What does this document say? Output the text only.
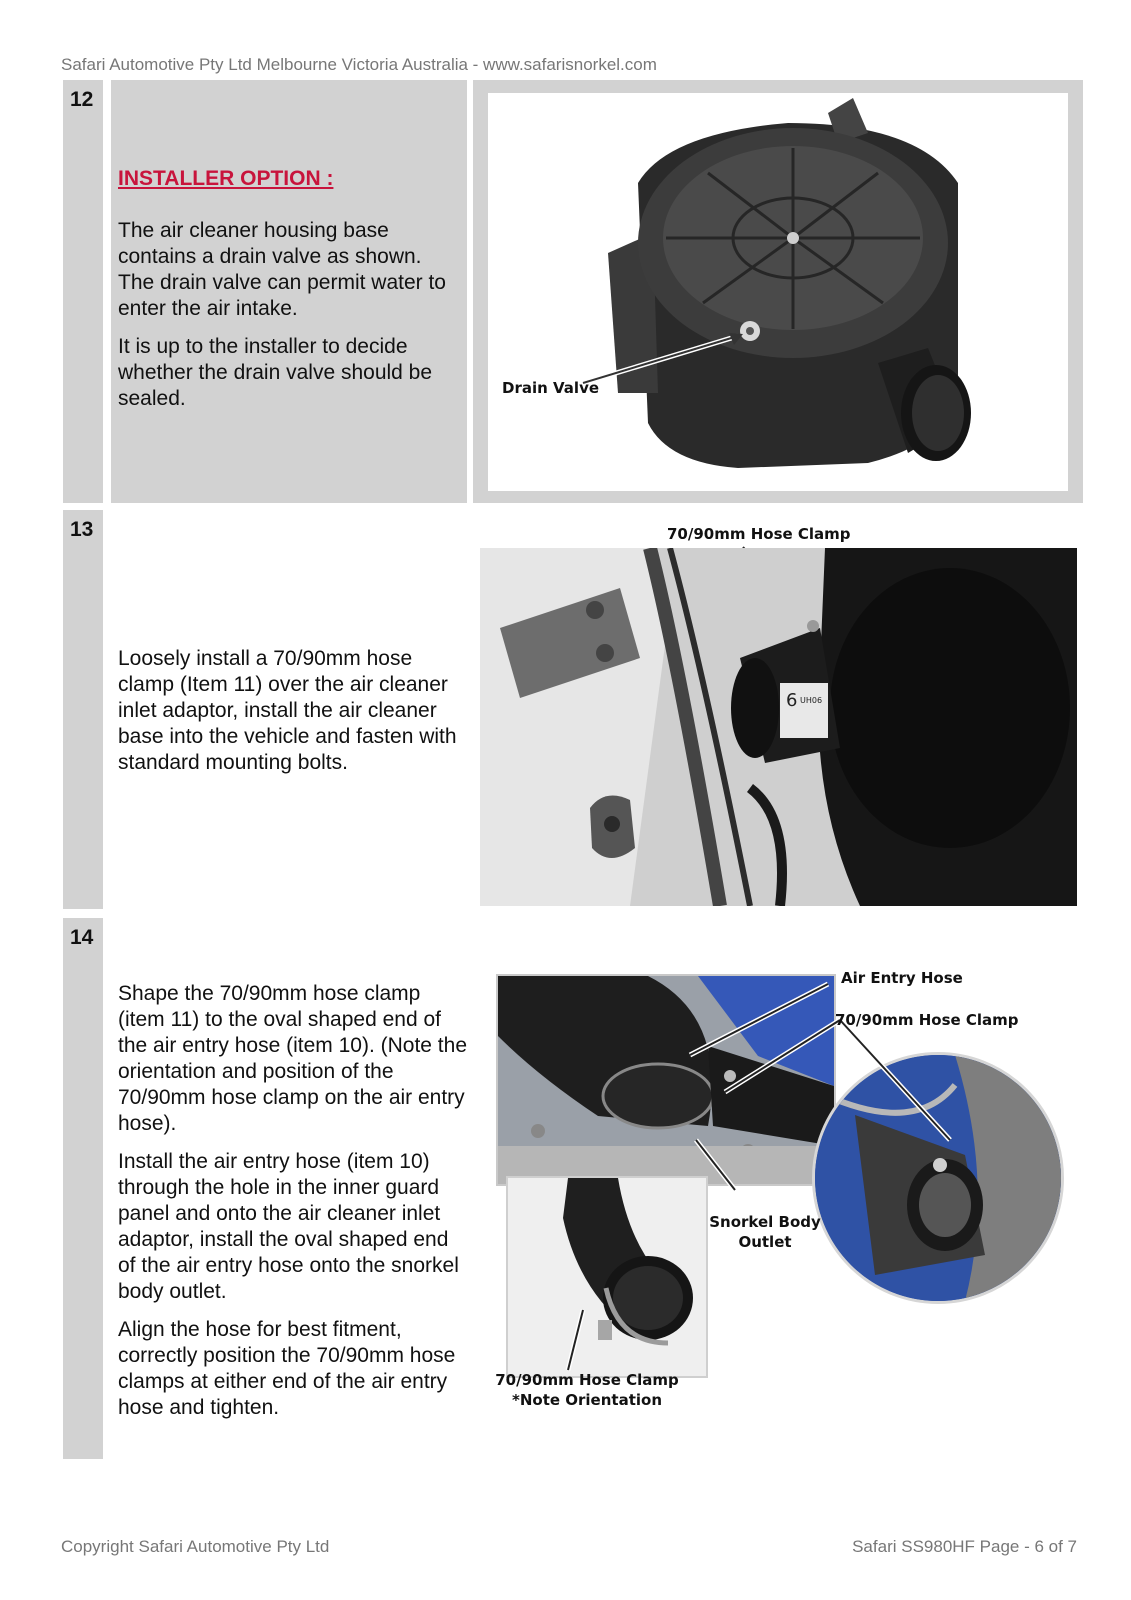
Safari Automotive Pty Ltd Melbourne Victoria Australia - www.safarisnorkel.com
12

INSTALLER OPTION :

The air cleaner housing base contains a drain valve as shown. The drain valve can permit water to enter the air intake.

It is up to the installer to decide whether the drain valve should be sealed.	Drain Valve
13

Loosely install a 70/90mm hose clamp (Item 11) over the air cleaner inlet adaptor, install the air cleaner base into the vehicle and fasten with standard mounting bolts.

70/90mm Hose Clamp
6 UH06
14

Shape the 70/90mm hose clamp (item 11) to the oval shaped end of the air entry hose (item 10). (Note the orientation and position of the 70/90mm hose clamp on the air entry hose).

Install the air entry hose (item 10) through the hole in the inner guard panel and onto the air cleaner inlet adaptor, install the oval shaped end of the air entry hose onto the snorkel body outlet.

Align the hose for best fitment, correctly position the 70/90mm hose clamps at either end of the air entry hose and tighten.

Air Entry Hose
70/90mm Hose Clamp
Snorkel Body Outlet
70/90mm Hose Clamp
*Note Orientation
Copyright Safari Automotive Pty Ltd	Safari SS980HF Page - 6 of 7
